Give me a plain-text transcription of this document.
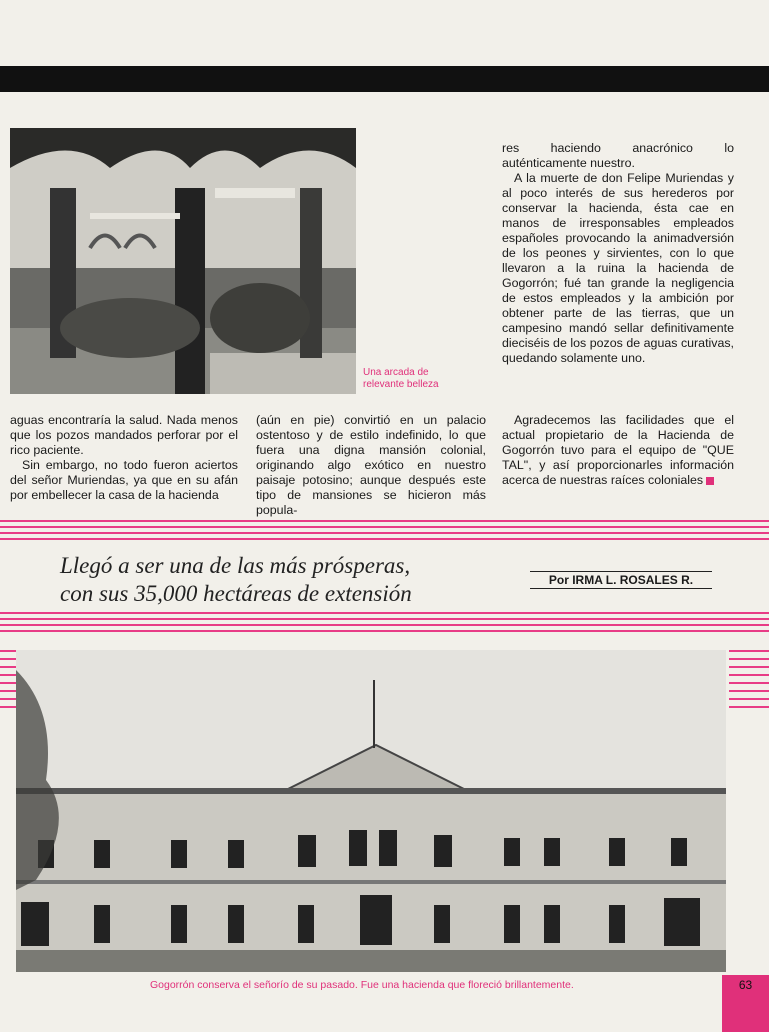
Una arcada de
relevante belleza

res haciendo anacrónico lo auténticamente nuestro.

A la muerte de don Felipe Muriendas y al poco interés de sus herederos por conservar la hacienda, ésta cae en manos de irresponsables empleados españoles provocando la animadversión de los peones y sirvientes, con lo que llevaron a la ruina la hacienda de Gogorrón; fué tan grande la negligencia de estos empleados y la ambición por obtener parte de las tierras, que un campesino mandó sellar definitivamente dieciséis de los pozos de aguas curativas, quedando solamente uno.

aguas encontraría la salud. Nada menos que los pozos mandados perforar por el rico paciente.

Sin embargo, no todo fueron aciertos del señor Muriendas, ya que en su afán por embellecer la casa de la hacienda

(aún en pie) convirtió en un palacio ostentoso y de estilo indefinido, lo que fuera una digna mansión colonial, originando algo exótico en nuestro paisaje potosino; aunque después este tipo de mansiones se hicieron más popula-

Agradecemos las facilidades que el actual propietario de la Hacienda de Gogorrón tuvo para el equipo de "QUE TAL", y así proporcionarles información acerca de nuestras raíces coloniales

Llegó a ser una de las más prósperas,
con sus 35,000 hectáreas de extensión
Por IRMA L. ROSALES R.
Gogorrón conserva el señorío de su pasado. Fue una hacienda que floreció brillantemente.	63
